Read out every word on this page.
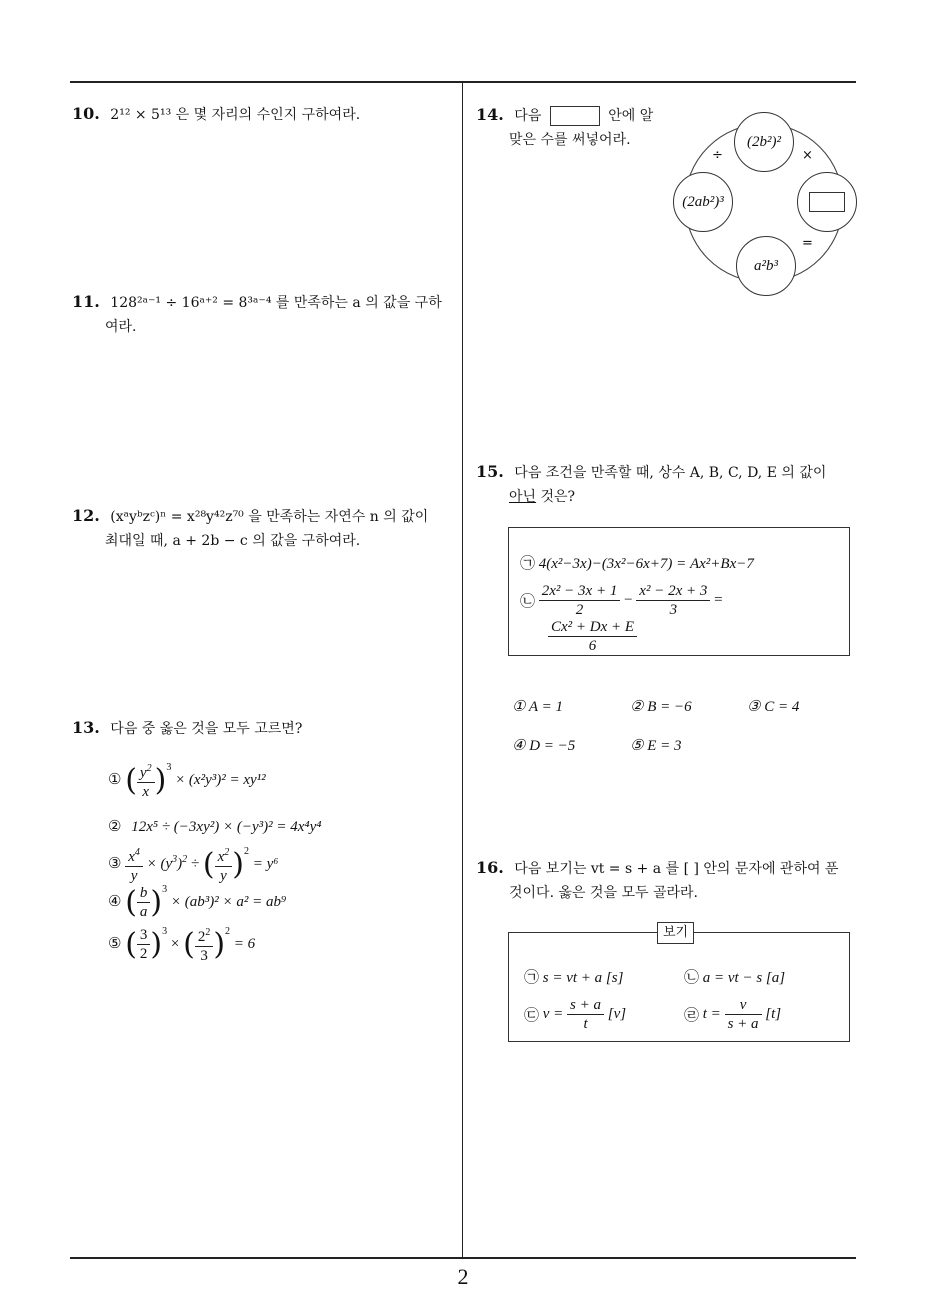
10. 2¹² × 5¹³ 은 몇 자리의 수인지 구하여라.
11. 128²ᵃ⁻¹ ÷ 16ᵃ⁺² = 8³ᵃ⁻⁴ 를 만족하는 a 의 값을 구하
여라.
12. (xᵃyᵇzᶜ)ⁿ = x²⁸y⁴²z⁷⁰ 을 만족하는 자연수 n 의 값이
최대일 때, a + 2b − c 의 값을 구하여라.
13. 다음 중 옳은 것을 모두 고르면?
① ( $\frac{y^2}{x} )^3 \times (x^2y^3)^2 = xy^{12}$
② 12x⁵ ÷ (−3xy²) × (−y³)² = 4x⁴y⁴
③ $\frac{x^4}{y} \times (y^3)^2$ ÷ ( $\frac{x^2}{y} )^2 = y^6$
④ ( $\frac{b}{a} )^3 \times (ab^3)^2 \times a^2 = ab^9$
⑤ ( $\frac{3}{2} )^3$ × ( $\frac{2^2}{3} )^2 = 6$
14. 다음	안에 알
맞은 수를 써넣어라.	(2b²)²
(2ab²)³
a²b³
÷	×
=
15. 다음 조건을 만족할 때, 상수 A, B, C, D, E 의 값이
아닌 것은?
㉠ 4(x²−3x)−(3x²−6x+7) = Ax²+Bx−7
㉡ $\frac{\text{2x² − 3x + 1}}{2} - \frac{\text{x² − 2x + 3}}{3}$ =
$\frac{\text{Cx² + Dx + E}}{6}$
① A = 1	② B = −6	③ C = 4
④ D = −5	⑤ E = 3
16. 다음 보기는 vt = s + a 를 [ ] 안의 문자에 관하여 푼
것이다. 옳은 것을 모두 골라라.
보기
㉠ s = vt + a [s]	㉡ a = vt − s [a]
㉢ $v = \frac{s + a}{t} [v]$	㉣ $t = \frac{v}{s + a} [t]$
2
